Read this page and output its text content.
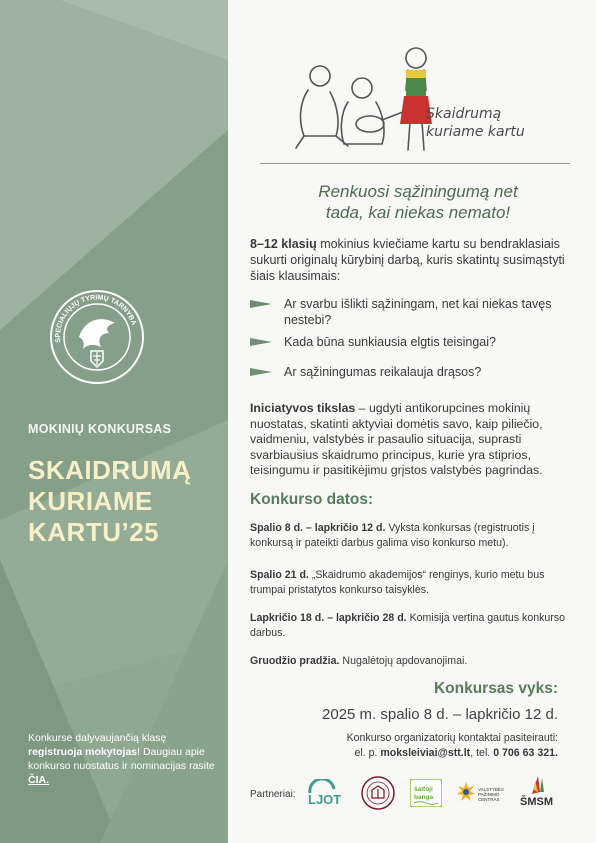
SPECIALIŲJŲ TYRIMŲ TARNYBA
MOKINIŲ KONKURSAS
SKAIDRUMĄ
KURIAME
KARTU’25
Konkurse dalyvaujančią klasę registruoja mokytojas! Daugiau apie konkurso nuostatus ir nominacijas rasite ČIA.
Skaidrumą
kuriame kartu
Renkuosi sąžiningumą net
tada, kai niekas nemato!
8–12 klasių mokinius kviečiame kartu su bendraklasiais sukurti originalų kūrybinį darbą, kuris skatintų susimąstyti šiais klausimais:
Ar svarbu išlikti sąžiningam, net kai niekas tavęs nestebi?
Kada būna sunkiausia elgtis teisingai?
Ar sąžiningumas reikalauja drąsos?
Iniciatyvos tikslas – ugdyti antikorupcines mokinių nuostatas, skatinti aktyviai domėtis savo, kaip piliečio, vaidmeniu, valstybės ir pasaulio situacija, suprasti svarbiausius skaidrumo principus, kurie yra stiprios, teisingumu ir pasitikėjimu grįstos valstybės pagrindas.
Konkurso datos:
Spalio 8 d. – lapkričio 12 d. Vyksta konkursas (registruotis į konkursą ir pateikti darbus galima viso konkurso metu).
Spalio 21 d. „Skaidrumo akademijos“ renginys, kurio metu bus trumpai pristatytos konkurso taisyklės.
Lapkričio 18 d. – lapkričio 28 d. Komisija vertina gautus konkurso darbus.
Gruodžio pradžia. Nugalėtojų apdovanojimai.
Konkursas vyks:
2025 m. spalio 8 d. – lapkričio 12 d.
Konkurso organizatorių kontaktai pasiteirauti:
el. p. moksleiviai@stt.lt, tel. 0 706 63 321.
Partneriai: LJOT
šaltoji
banga
VALSTYBĖS
PAŽINIMO
CENTRAS ŠMSM
